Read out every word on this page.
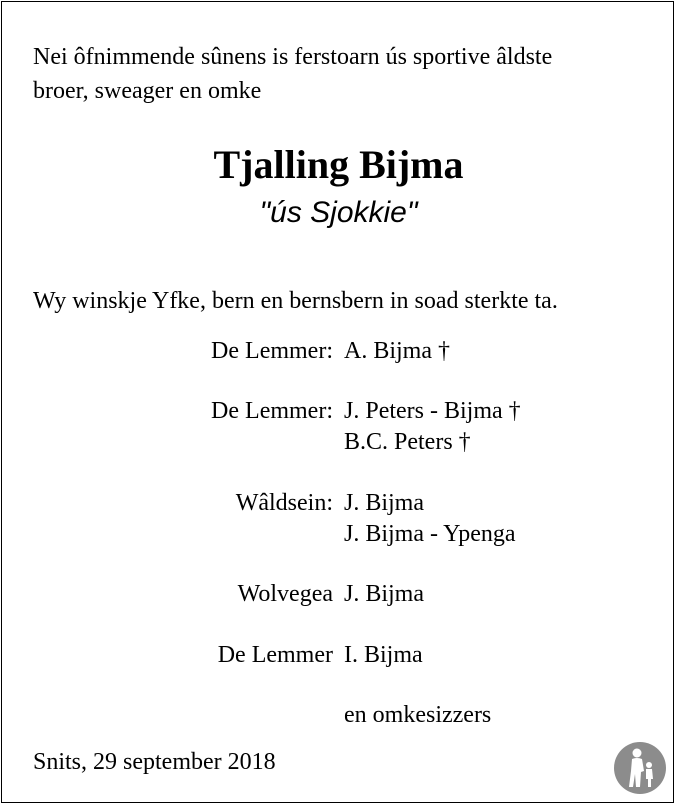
Nei ôfnimmende sûnens is ferstoarn ús sportive âldste
broer, sweager en omke

Tjalling Bijma

"ús Sjokkie"

Wy winskje Yfke, bern en bernsbern in soad sterkte ta.

De Lemmer: A. Bijma †
De Lemmer: J. Peters - Bijma †
B.C. Peters †
Wâldsein: J. Bijma
J. Bijma - Ypenga
Wolvegea J. Bijma
De Lemmer I. Bijma
en omkesizzers
Snits, 29 september 2018
